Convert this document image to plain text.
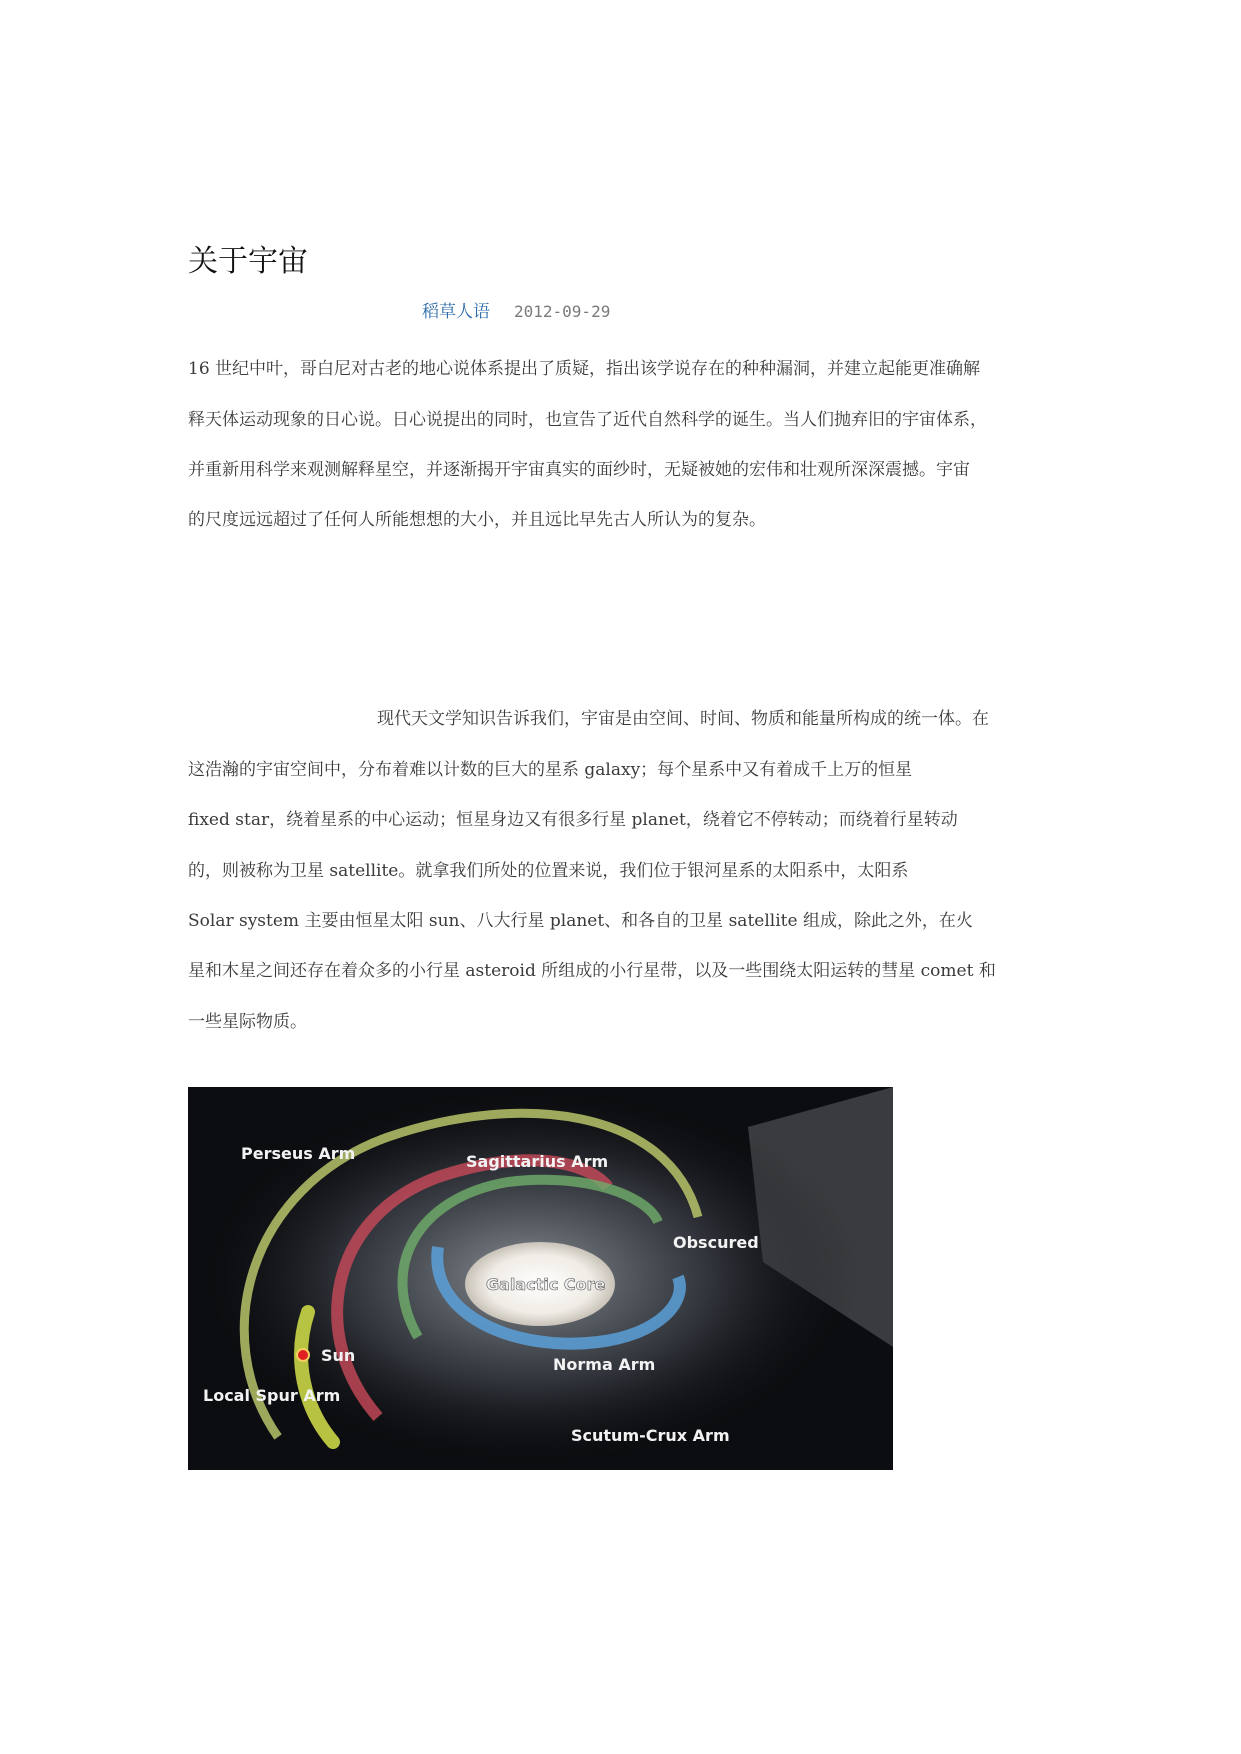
关于宇宙
稻草人语 2012-09-29
16 世纪中叶，哥白尼对古老的地心说体系提出了质疑，指出该学说存在的种种漏洞，并建立起能更准确解
释天体运动现象的日心说。日心说提出的同时，也宣告了近代自然科学的诞生。当人们抛弃旧的宇宙体系，
并重新用科学来观测解释星空，并逐渐揭开宇宙真实的面纱时，无疑被她的宏伟和壮观所深深震撼。宇宙
的尺度远远超过了任何人所能想想的大小，并且远比早先古人所认为的复杂。
现代天文学知识告诉我们，宇宙是由空间、时间、物质和能量所构成的统一体。在
这浩瀚的宇宙空间中，分布着难以计数的巨大的星系 galaxy；每个星系中又有着成千上万的恒星
fixed star，绕着星系的中心运动；恒星身边又有很多行星 planet，绕着它不停转动；而绕着行星转动
的，则被称为卫星 satellite。就拿我们所处的位置来说，我们位于银河星系的太阳系中，太阳系
Solar system 主要由恒星太阳 sun、八大行星 planet、和各自的卫星 satellite 组成，除此之外，在火
星和木星之间还存在着众多的小行星 asteroid 所组成的小行星带，以及一些围绕太阳运转的彗星 comet 和
一些星际物质。
Perseus Arm	Sagittarius Arm
Obscured
Galactic Core
Sun	Norma Arm
Local Spur Arm
Scutum-Crux Arm
